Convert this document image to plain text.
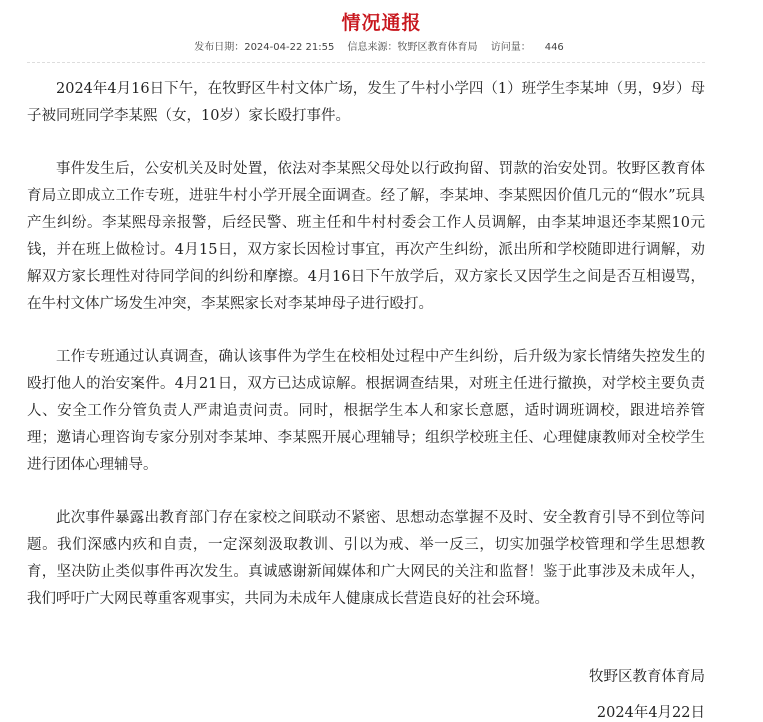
情况通报
发布日期：2024-04-22 21:55 信息来源：牧野区教育体育局 访问量： 446

2024年4月16日下午，在牧野区牛村文体广场，发生了牛村小学四（1）班学生李某坤（男，9岁）母子被同班同学李某熙（女，10岁）家长殴打事件。

事件发生后，公安机关及时处置，依法对李某熙父母处以行政拘留、罚款的治安处罚。牧野区教育体育局立即成立工作专班，进驻牛村小学开展全面调查。经了解，李某坤、李某熙因价值几元的“假水”玩具产生纠纷。李某熙母亲报警，后经民警、班主任和牛村村委会工作人员调解，由李某坤退还李某熙10元钱，并在班上做检讨。4月15日，双方家长因检讨事宜，再次产生纠纷，派出所和学校随即进行调解，劝解双方家长理性对待同学间的纠纷和摩擦。4月16日下午放学后，双方家长又因学生之间是否互相谩骂，在牛村文体广场发生冲突，李某熙家长对李某坤母子进行殴打。

工作专班通过认真调查，确认该事件为学生在校相处过程中产生纠纷，后升级为家长情绪失控发生的殴打他人的治安案件。4月21日，双方已达成谅解。根据调查结果，对班主任进行撤换，对学校主要负责人、安全工作分管负责人严肃追责问责。同时，根据学生本人和家长意愿，适时调班调校，跟进培养管理；邀请心理咨询专家分别对李某坤、李某熙开展心理辅导；组织学校班主任、心理健康教师对全校学生进行团体心理辅导。

此次事件暴露出教育部门存在家校之间联动不紧密、思想动态掌握不及时、安全教育引导不到位等问题。我们深感内疚和自责，一定深刻汲取教训、引以为戒、举一反三，切实加强学校管理和学生思想教育，坚决防止类似事件再次发生。真诚感谢新闻媒体和广大网民的关注和监督！鉴于此事涉及未成年人，我们呼吁广大网民尊重客观事实，共同为未成年人健康成长营造良好的社会环境。

牧野区教育体育局
2024年4月22日
